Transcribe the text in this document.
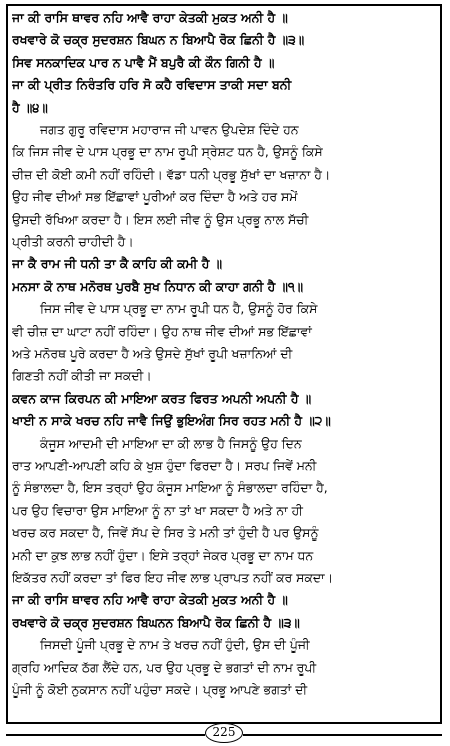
ਜਾ ਕੀ ਰਾਸਿ ਥਾਵਰ ਨਹਿ ਆਵੈ ਰਾਹਾ ਕੇਤਕੀ ਮੁਕਤ ਅਨੀ ਹੈ ॥
ਰਖਵਾਰੇ ਕੋ ਚਕ੍ਰ ਸੁਦਰਸ਼ਨ ਬਿਘਨ ਨ ਬਿਆਪੈ ਰੋਕ ਛਿਨੀ ਹੈ ॥੩॥
ਸਿਵ ਸਨਕਾਦਿਕ ਪਾਰ ਨ ਪਾਵੈ ਮੈਂ ਬਪੁਰੈ ਕੀ ਕੌਨ ਗਿਨੀ ਹੈ ॥
ਜਾ ਕੀ ਪ੍ਰੀਤ ਨਿਰੰਤਰਿ ਹਰਿ ਸੋ ਕਹੈ ਰਵਿਦਾਸ ਤਾਕੀ ਸਦਾ ਬਨੀ
ਹੈ ॥੪॥
ਜਗਤ ਗੁਰੂ ਰਵਿਦਾਸ ਮਹਾਰਾਜ ਜੀ ਪਾਵਨ ਉਪਦੇਸ਼ ਦਿੰਦੇ ਹਨ
ਕਿ ਜਿਸ ਜੀਵ ਦੇ ਪਾਸ ਪ੍ਰਭੂ ਦਾ ਨਾਮ ਰੂਪੀ ਸ੍ਰੇਸ਼ਟ ਧਨ ਹੈ, ਉਸਨੂੰ ਕਿਸੇ
ਚੀਜ਼ ਦੀ ਕੋਈ ਕਮੀ ਨਹੀਂ ਰਹਿੰਦੀ। ਵੱਡਾ ਧਨੀ ਪ੍ਰਭੂ ਸੁੱਖਾਂ ਦਾ ਖਜ਼ਾਨਾ ਹੈ।
ਉਹ ਜੀਵ ਦੀਆਂ ਸਭ ਇੱਛਾਵਾਂ ਪੂਰੀਆਂ ਕਰ ਦਿੰਦਾ ਹੈ ਅਤੇ ਹਰ ਸਮੇਂ
ਉਸਦੀ ਰੱਖਿਆ ਕਰਦਾ ਹੈ। ਇਸ ਲਈ ਜੀਵ ਨੂੰ ਉਸ ਪ੍ਰਭੂ ਨਾਲ ਸੱਚੀ
ਪ੍ਰੀਤੀ ਕਰਨੀ ਚਾਹੀਦੀ ਹੈ।
ਜਾ ਕੈ ਰਾਮ ਜੀ ਧਨੀ ਤਾ ਕੈ ਕਾਹਿ ਕੀ ਕਮੀ ਹੈ ॥
ਮਨਸਾ ਕੋ ਨਾਥ ਮਨੋਰਥ ਪੁਰਬੈ ਸੁਖ ਨਿਧਾਨ ਕੀ ਕਾਹਾ ਗਨੀ ਹੈ ॥੧॥
ਜਿਸ ਜੀਵ ਦੇ ਪਾਸ ਪ੍ਰਭੂ ਦਾ ਨਾਮ ਰੂਪੀ ਧਨ ਹੈ, ਉਸਨੂੰ ਹੋਰ ਕਿਸੇ
ਵੀ ਚੀਜ਼ ਦਾ ਘਾਟਾ ਨਹੀਂ ਰਹਿੰਦਾ। ਉਹ ਨਾਥ ਜੀਵ ਦੀਆਂ ਸਭ ਇੱਛਾਵਾਂ
ਅਤੇ ਮਨੋਰਥ ਪੂਰੇ ਕਰਦਾ ਹੈ ਅਤੇ ਉਸਦੇ ਸੁੱਖਾਂ ਰੂਪੀ ਖਜ਼ਾਨਿਆਂ ਦੀ
ਗਿਣਤੀ ਨਹੀਂ ਕੀਤੀ ਜਾ ਸਕਦੀ।
ਕਵਨ ਕਾਜ ਕਿਰਪਨ ਕੀ ਮਾਇਆ ਕਰਤ ਫਿਰਤ ਅਪਨੀ ਅਪਨੀ ਹੈ ॥
ਖਾਈ ਨ ਸਾਕੇ ਖਰਚ ਨਹਿ ਜਾਵੈ ਜਿਉਂ ਭੁਇਅੰਗ ਸਿਰ ਰਹਤ ਮਨੀ ਹੈ ॥੨॥
ਕੰਜੂਸ ਆਦਮੀ ਦੀ ਮਾਇਆ ਦਾ ਕੀ ਲਾਭ ਹੈ ਜਿਸਨੂੰ ਉਹ ਦਿਨ
ਰਾਤ ਆਪਣੀ-ਆਪਣੀ ਕਹਿ ਕੇ ਖੁਸ਼ ਹੁੰਦਾ ਫਿਰਦਾ ਹੈ। ਸਰਪ ਜਿਵੇਂ ਮਨੀ
ਨੂੰ ਸੰਭਾਲਦਾ ਹੈ, ਇਸ ਤਰ੍ਹਾਂ ਉਹ ਕੰਜੂਸ ਮਾਇਆ ਨੂੰ ਸੰਭਾਲਦਾ ਰਹਿੰਦਾ ਹੈ,
ਪਰ ਉਹ ਵਿਚਾਰਾ ਉਸ ਮਾਇਆ ਨੂੰ ਨਾ ਤਾਂ ਖਾ ਸਕਦਾ ਹੈ ਅਤੇ ਨਾ ਹੀ
ਖਰਚ ਕਰ ਸਕਦਾ ਹੈ, ਜਿਵੇਂ ਸੱਪ ਦੇ ਸਿਰ ਤੇ ਮਨੀ ਤਾਂ ਹੁੰਦੀ ਹੈ ਪਰ ਉਸਨੂੰ
ਮਨੀ ਦਾ ਕੁਝ ਲਾਭ ਨਹੀਂ ਹੁੰਦਾ। ਇਸੇ ਤਰ੍ਹਾਂ ਜੇਕਰ ਪ੍ਰਭੂ ਦਾ ਨਾਮ ਧਨ
ਇਕੱਤਰ ਨਹੀਂ ਕਰਦਾ ਤਾਂ ਫਿਰ ਇਹ ਜੀਵ ਲਾਭ ਪ੍ਰਾਪਤ ਨਹੀਂ ਕਰ ਸਕਦਾ।
ਜਾ ਕੀ ਰਾਸਿ ਥਾਵਰ ਨਹਿ ਆਵੈ ਰਾਹਾ ਕੇਤਕੀ ਮੁਕਤ ਅਨੀ ਹੈ ॥
ਰਖਵਾਰੇ ਕੋ ਚਕ੍ਰ ਸੁਦਰਸ਼ਨ ਬਿਘਨਨ ਬਿਆਪੈ ਰੋਕ ਛਿਨੀ ਹੈ ॥੩॥
ਜਿਸਦੀ ਪੂੰਜੀ ਪ੍ਰਭੂ ਦੇ ਨਾਮ ਤੇ ਖਰਚ ਨਹੀਂ ਹੁੰਦੀ, ਉਸ ਦੀ ਪੂੰਜੀ
ਗ੍ਰਹਿ ਆਦਿਕ ਠੱਗ ਲੈਂਦੇ ਹਨ, ਪਰ ਉਹ ਪ੍ਰਭੂ ਦੇ ਭਗਤਾਂ ਦੀ ਨਾਮ ਰੂਪੀ
ਪੂੰਜੀ ਨੂੰ ਕੋਈ ਨੁਕਸਾਨ ਨਹੀਂ ਪਹੁੰਚਾ ਸਕਦੇ। ਪ੍ਰਭੂ ਆਪਣੇ ਭਗਤਾਂ ਦੀ
225
